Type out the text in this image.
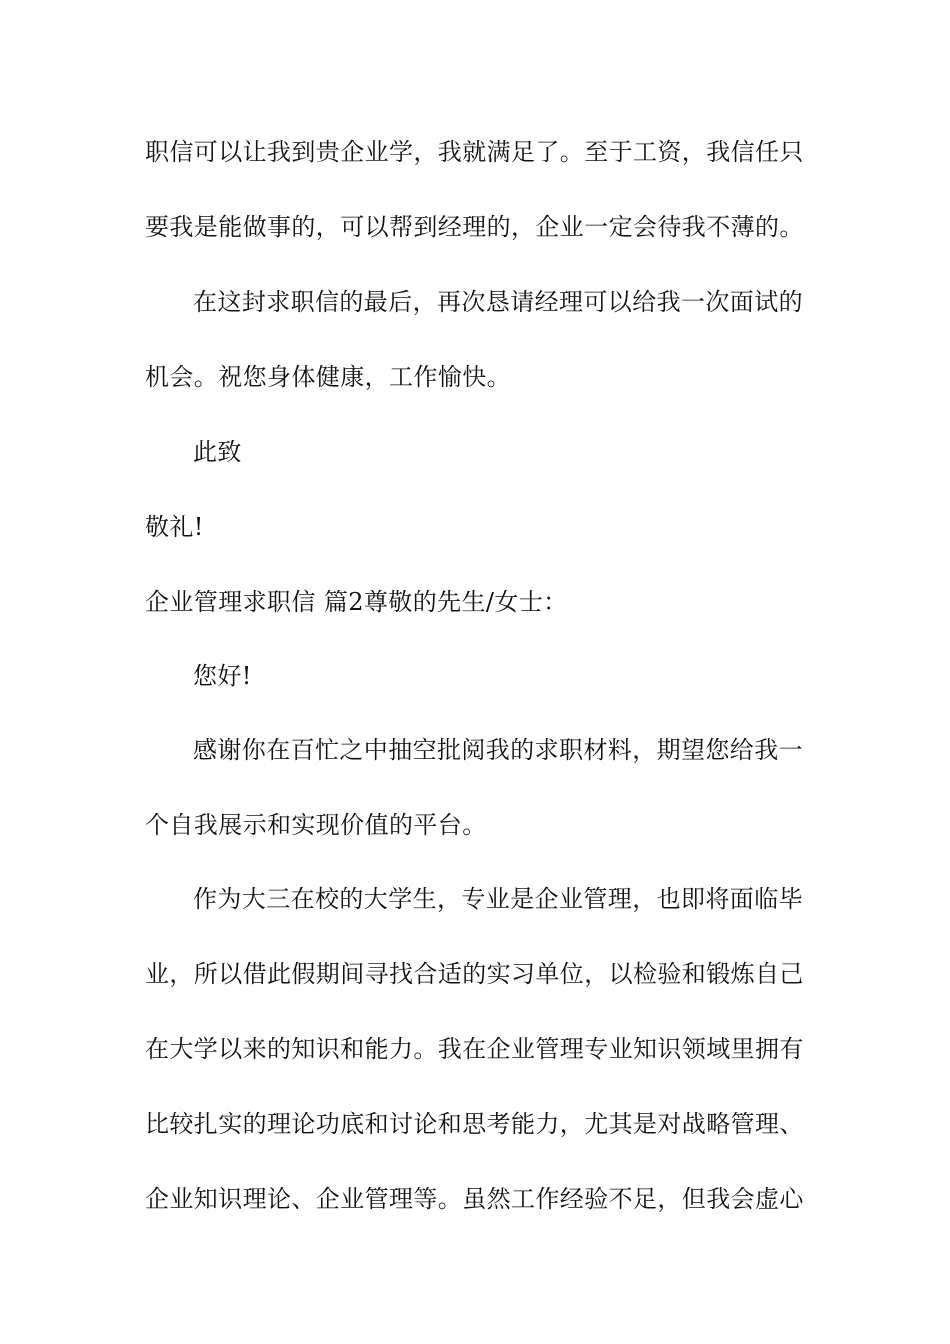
职信可以让我到贵企业学，我就满足了。至于工资，我信任只
要我是能做事的，可以帮到经理的，企业一定会待我不薄的。
在这封求职信的最后，再次恳请经理可以给我一次面试的
机会。祝您身体健康，工作愉快。
此致
敬礼!
企业管理求职信 篇2尊敬的先生/女士：
您好!
感谢你在百忙之中抽空批阅我的求职材料，期望您给我一
个自我展示和实现价值的平台。
作为大三在校的大学生，专业是企业管理，也即将面临毕
业，所以借此假期间寻找合适的实习单位，以检验和锻炼自己
在大学以来的知识和能力。我在企业管理专业知识领域里拥有
比较扎实的理论功底和讨论和思考能力，尤其是对战略管理、
企业知识理论、企业管理等。虽然工作经验不足，但我会虚心
